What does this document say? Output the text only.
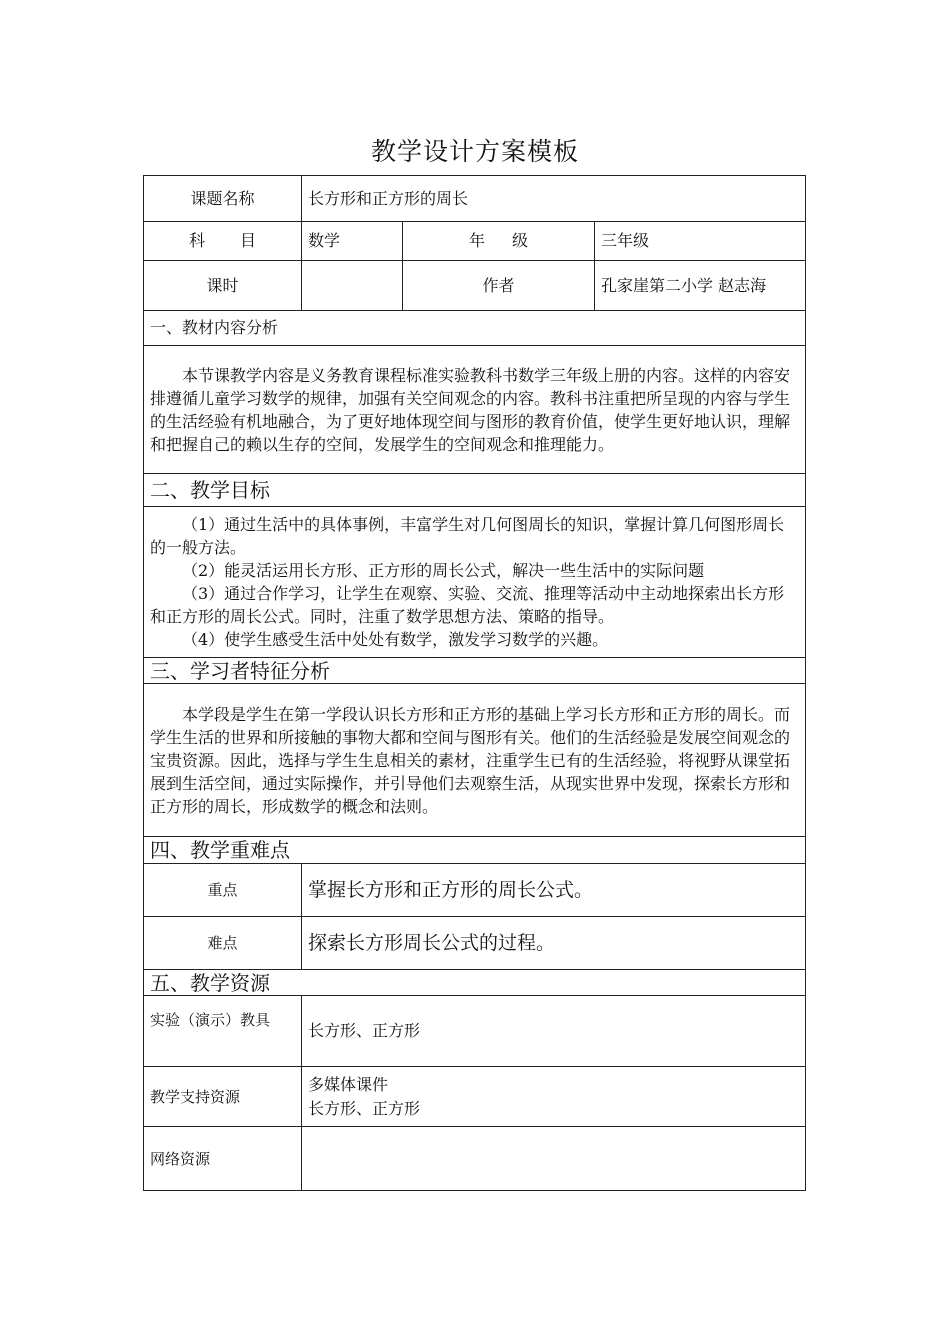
教学设计方案模板
课题名称	长方形和正方形的周长		
科 目	数学	年 级	三年级
课时		作者	孔家崖第二小学 赵志海
一、教材内容分析			
本节课教学内容是义务教育课程标准实验教科书数学三年级上册的内容。这样的内容安排遵循儿童学习数学的规律，加强有关空间观念的内容。教科书注重把所呈现的内容与学生的生活经验有机地融合，为了更好地体现空间与图形的教育价值，使学生更好地认识，理解和把握自己的赖以生存的空间，发展学生的空间观念和推理能力。			
二、教学目标			

（1）通过生活中的具体事例，丰富学生对几何图周长的知识，掌握计算几何图形周长的一般方法。
（2）能灵活运用长方形、正方形的周长公式，解决一些生活中的实际问题
（3）通过合作学习，让学生在观察、实验、交流、推理等活动中主动地探索出长方形和正方形的周长公式。同时，注重了数学思想方法、策略的指导。
（4）使学生感受生活中处处有数学，激发学习数学的兴趣。			

三、学习者特征分析			
本学段是学生在第一学段认识长方形和正方形的基础上学习长方形和正方形的周长。而学生生活的世界和所接触的事物大都和空间与图形有关。他们的生活经验是发展空间观念的宝贵资源。因此，选择与学生生息相关的素材，注重学生已有的生活经验，将视野从课堂拓展到生活空间，通过实际操作，并引导他们去观察生活，从现实世界中发现，探索长方形和正方形的周长，形成数学的概念和法则。			
四、教学重难点			
重点	掌握长方形和正方形的周长公式。		
难点	探索长方形周长公式的过程。		
五、教学资源			
实验（演示）教具	长方形、正方形		
教学支持资源	多媒体课件
长方形、正方形		

网络资源			
